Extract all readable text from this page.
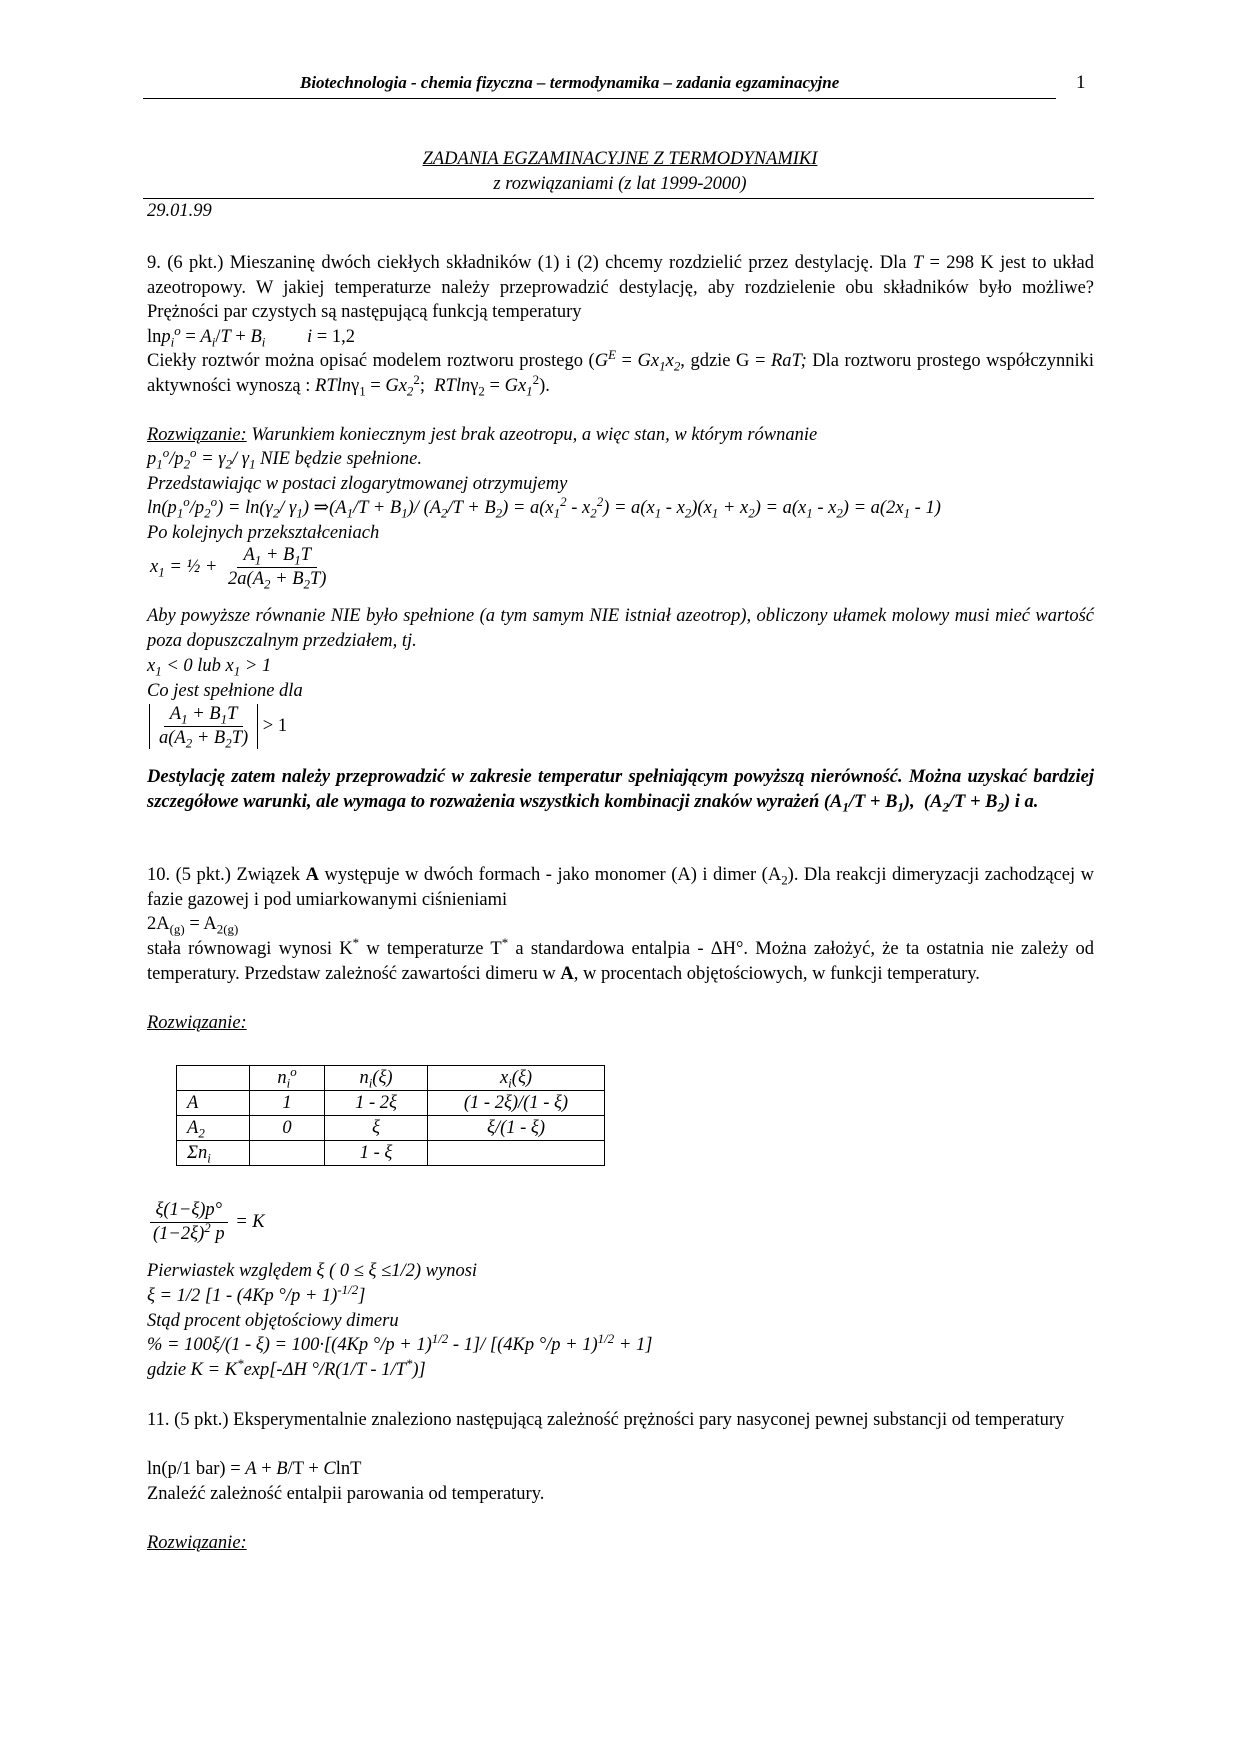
Biotechnologia - chemia fizyczna – termodynamika – zadania egzaminacyjne	1
ZADANIA EGZAMINACYJNE Z TERMODYNAMIKI
z rozwiązaniami (z lat 1999-2000)
29.01.99
9. (6 pkt.) Mieszaninę dwóch ciekłych składników (1) i (2) chcemy rozdzielić przez destylację. Dla T = 298 K jest to układ azeotropowy. W jakiej temperaturze należy przeprowadzić destylację, aby rozdzielenie obu składników było możliwe? Prężności par czystych są następującą funkcją temperatury
$\ln p_i^o = A_i/T + B_i$ i = 1,2
Ciekły roztwór można opisać modelem roztworu prostego ($G^E = Gx_1x_2$, gdzie G = RaT; Dla roztworu prostego współczynniki aktywności wynoszą : $RTln\gamma_1 = Gx_2^2$;  $RTln\gamma_2 = Gx_1^2$).
Rozwiązanie: Warunkiem koniecznym jest brak azeotropu, a więc stan, w którym równanie
$p_1^o/p_2^o = \gamma_2/$ $\gamma_1$ NIE będzie spełnione.
Przedstawiając w postaci zlogarytmowanej otrzymujemy
$\ln(p_1^o/p_2^o) = \ln(\gamma_2/$ $\gamma_1$) $\Rightarrow(A_1/T + B_1)/$ $(A_2/T + B_2) = a(x_1^2 - x_2^2) = a(x_1 - x_2)(x_1 + x_2) = a(x_1 - x_2) = a(2x_1 - 1)$
Po kolejnych przekształceniach
$x_1$ = ½ + $\frac{A_1 + B_1T}{2a(A_2 + B_2T)}$
Aby powyższe równanie NIE było spełnione (a tym samym NIE istniał azeotrop), obliczony ułamek molowy musi mieć wartość poza dopuszczalnym przedziałem, tj.
$x_1 < 0$ lub $x_1 > 1$
Co jest spełnione dla
$\frac{A_1 + B_1T}{a(A_2 + B_2T)} > 1$
Destylację zatem należy przeprowadzić w zakresie temperatur spełniającym powyższą nierówność. Można uzyskać bardziej szczegółowe warunki, ale wymaga to rozważenia wszystkich kombinacji znaków wyrażeń $(A_1/T + B_1)$,  $(A_2/T + B_2)$ i a.
10. (5 pkt.) Związek A występuje w dwóch formach - jako monomer (A) i dimer $(A_2)$. Dla reakcji dimeryzacji zachodzącej w fazie gazowej i pod umiarkowanymi ciśnieniami
$2A_{(g)} = A_{2(g)}$
stała równowagi wynosi K* w temperaturze T* a standardowa entalpia - ΔH°. Można założyć, że ta ostatnia nie zależy od temperatury. Przedstaw zależność zawartości dimeru w A, w procentach objętościowych, w funkcji temperatury.
Rozwiązanie:
	$n_i^o$	$n_i(\xi)$	$x_i(\xi)$
A	1	1 - 2ξ	(1 - 2ξ)/(1 - ξ)
$A_2$	0	ξ	ξ/(1 - ξ)
$\Sigma n_i$		1 - ξ	
$\frac{\xi(1-\xi)p^\circ}{(1-2\xi)^2 p} = K$
Pierwiastek względem ξ ( 0 ≤ ξ ≤1/2) wynosi
ξ = 1/2 [1 - (4Kp °/p + 1)$^{-1/2}$]
Stąd procent objętościowy dimeru
% = 100ξ/(1 - ξ) = 100·[(4Kp °/p + 1)$^{1/2}$ - 1]/ [(4Kp °/p + 1)$^{1/2}$ + 1]
gdzie K = K*exp[-ΔH °/R(1/T - 1/T*)]
11. (5 pkt.) Eksperymentalnie znaleziono następującą zależność prężności pary nasyconej pewnej substancji od temperatury
ln(p/1 bar) = A + B/T + ClnT
Znaleźć zależność entalpii parowania od temperatury.
Rozwiązanie:
